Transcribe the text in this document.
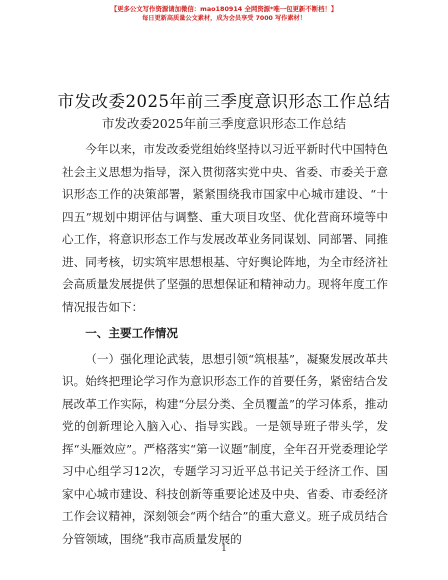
【更多公文写作资源请加微信：mao180914 全网资源*唯一包更新不断档！】
每日更新高质量公文素材，成为会员享受 7000 写作素材！
市发改委2025年前三季度意识形态工作总结
市发改委2025年前三季度意识形态工作总结

今年以来，市发改委党组始终坚持以习近平新时代中国特色社会主义思想为指导，深入贯彻落实党中央、省委、市委关于意识形态工作的决策部署，紧紧围绕我市国家中心城市建设、“十四五”规划中期评估与调整、重大项目攻坚、优化营商环境等中心工作，将意识形态工作与发展改革业务同谋划、同部署、同推进、同考核，切实筑牢思想根基、守好舆论阵地，为全市经济社会高质量发展提供了坚强的思想保证和精神动力。现将年度工作情况报告如下：

一、主要工作情况

（一）强化理论武装，思想引领“筑根基”，凝聚发展改革共识。始终把理论学习作为意识形态工作的首要任务，紧密结合发展改革工作实际，构建“分层分类、全员覆盖”的学习体系，推动党的创新理论入脑入心、指导实践。一是领导班子带头学，发挥“头雁效应”。严格落实“第一议题”制度，全年召开党委理论学习中心组学习12次，专题学习习近平总书记关于经济工作、国家中心城市建设、科技创新等重要论述及中央、省委、市委经济工作会议精神，深刻领会“两个结合”的重大意义。班子成员结合分管领域，围绕“我市高质量发展的

1
